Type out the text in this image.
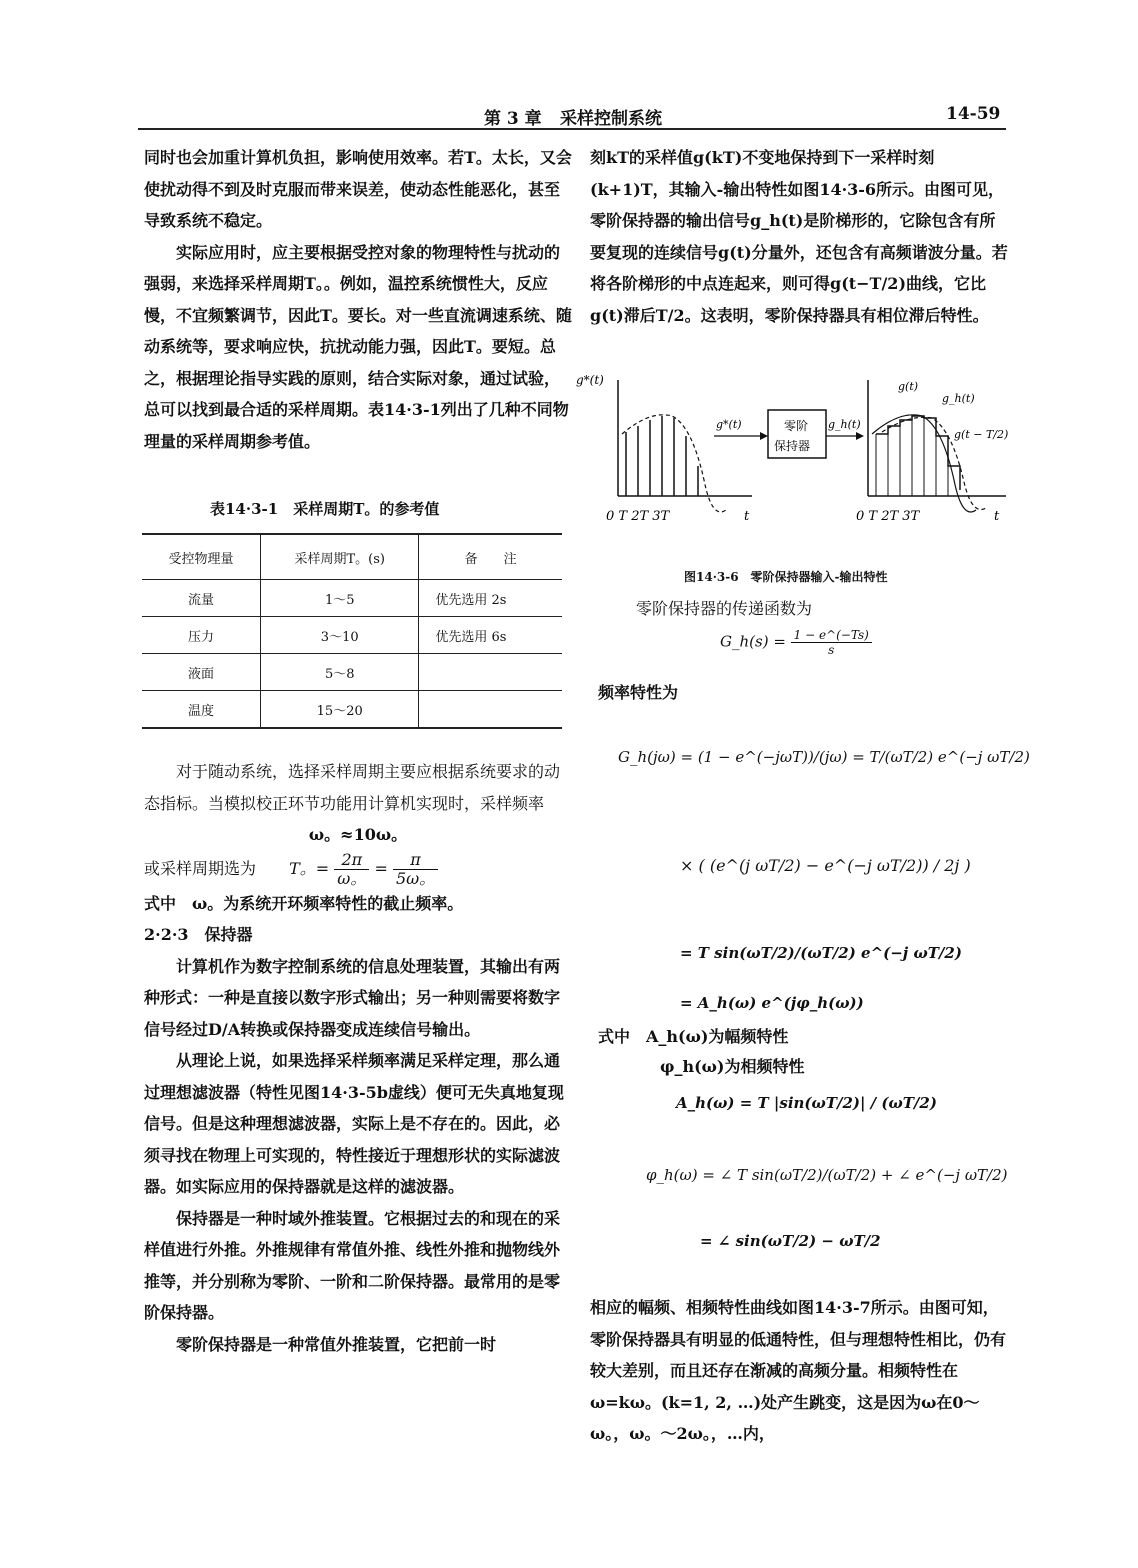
第 3 章 采样控制系统	14-59

同时也会加重计算机负担，影响使用效率。若T。太长，又会使扰动得不到及时克服而带来误差，使动态性能恶化，甚至导致系统不稳定。

实际应用时，应主要根据受控对象的物理特性与扰动的强弱，来选择采样周期T。。例如，温控系统惯性大，反应慢，不宜频繁调节，因此T。要长。对一些直流调速系统、随动系统等，要求响应快，抗扰动能力强，因此T。要短。总之，根据理论指导实践的原则，结合实际对象，通过试验，总可以找到最合适的采样周期。表14·3-1列出了几种不同物理量的采样周期参考值。

表14·3-1　采样周期T。的参考值
受控物理量	采样周期T。(s)	备　　注
流量	1～5	优先选用 2s
压力	3～10	优先选用 6s
液面	5～8	
温度	15～20	

对于随动系统，选择采样周期主要应根据系统要求的动态指标。当模拟校正环节功能用计算机实现时，采样频率

ω。≈10ω。

或采样周期选为 T。= $\frac{2\pi}{\omega。} = \frac{\pi}{5\omega。}$

式中　ω。为系统开环频率特性的截止频率。

2·2·3　保持器

计算机作为数字控制系统的信息处理装置，其输出有两种形式：一种是直接以数字形式输出；另一种则需要将数字信号经过D/A转换或保持器变成连续信号输出。

从理论上说，如果选择采样频率满足采样定理，那么通过理想滤波器（特性见图14·3-5b虚线）便可无失真地复现信号。但是这种理想滤波器，实际上是不存在的。因此，必须寻找在物理上可实现的，特性接近于理想形状的实际滤波器。如实际应用的保持器就是这样的滤波器。

保持器是一种时域外推装置。它根据过去的和现在的采样值进行外推。外推规律有常值外推、线性外推和抛物线外推等，并分别称为零阶、一阶和二阶保持器。最常用的是零阶保持器。

零阶保持器是一种常值外推装置，它把前一时

刻kT的采样值g(kT)不变地保持到下一采样时刻(k+1)T，其输入-输出特性如图14·3-6所示。由图可见，零阶保持器的输出信号g_h(t)是阶梯形的，它除包含有所要复现的连续信号g(t)分量外，还包含有高频谐波分量。若将各阶梯形的中点连起来，则可得g(t−T/2)曲线，它比g(t)滞后T/2。这表明，零阶保持器具有相位滞后特性。

g*(t)
0 T 2T 3T	t
g*(t)	零阶
保持器
g_h(t)
g(t)
g_h(t)
g(t − T/2)
0 T 2T 3T	t
图14·3-6　零阶保持器输入-输出特性
零阶保持器的传递函数为
G_h(s) = $\frac{1 - e\^{}(-Ts)}{s}$
频率特性为
G_h(jω) = (1 − e^(−jωT))/(jω) = T/(ωT/2) e^(−j ωT/2)
× ( (e^(j ωT/2) − e^(−j ωT/2)) / 2j )
= T sin(ωT/2)/(ωT/2) e^(−j ωT/2)
= A_h(ω) e^(jφ_h(ω))
式中　A_h(ω)为幅频特性
φ_h(ω)为相频特性
A_h(ω) = T |sin(ωT/2)| / (ωT/2)
φ_h(ω) = ∠ T sin(ωT/2)/(ωT/2) + ∠ e^(−j ωT/2)
= ∠ sin(ωT/2) − ωT/2

相应的幅频、相频特性曲线如图14·3-7所示。由图可知，零阶保持器具有明显的低通特性，但与理想特性相比，仍有较大差别，而且还存在渐减的高频分量。相频特性在ω=kω。(k=1, 2, …)处产生跳变，这是因为ω在0～ω。，ω。～2ω。，…内，
